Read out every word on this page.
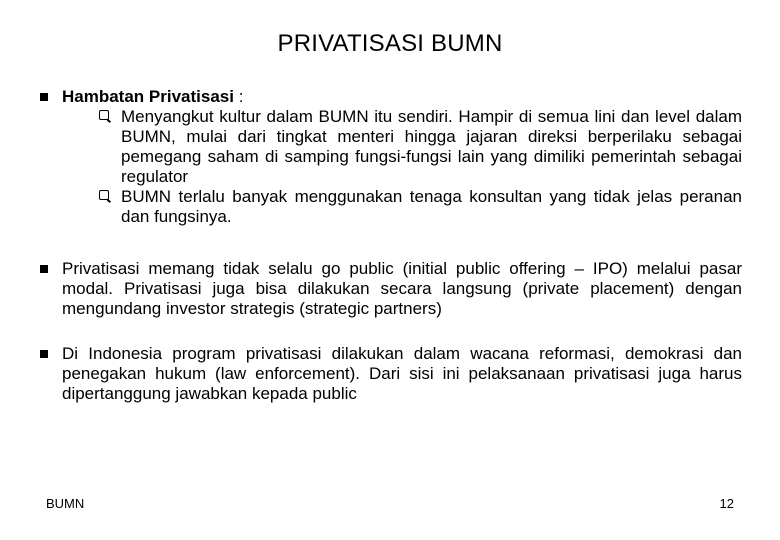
PRIVATISASI BUMN
Hambatan Privatisasi :
Menyangkut kultur dalam BUMN itu sendiri. Hampir di semua lini dan level dalam BUMN, mulai dari tingkat menteri hingga jajaran direksi berperilaku sebagai pemegang saham di samping fungsi-fungsi lain yang dimiliki pemerintah sebagai regulator
BUMN terlalu banyak menggunakan tenaga konsultan yang tidak jelas peranan dan fungsinya.
Privatisasi memang tidak selalu go public (initial public offering – IPO) melalui pasar modal. Privatisasi juga bisa dilakukan secara langsung (private placement) dengan mengundang investor strategis (strategic partners)
Di Indonesia program privatisasi dilakukan dalam wacana reformasi, demokrasi dan penegakan hukum (law enforcement). Dari sisi ini pelaksanaan privatisasi juga harus dipertanggung jawabkan kepada public
BUMN	12
